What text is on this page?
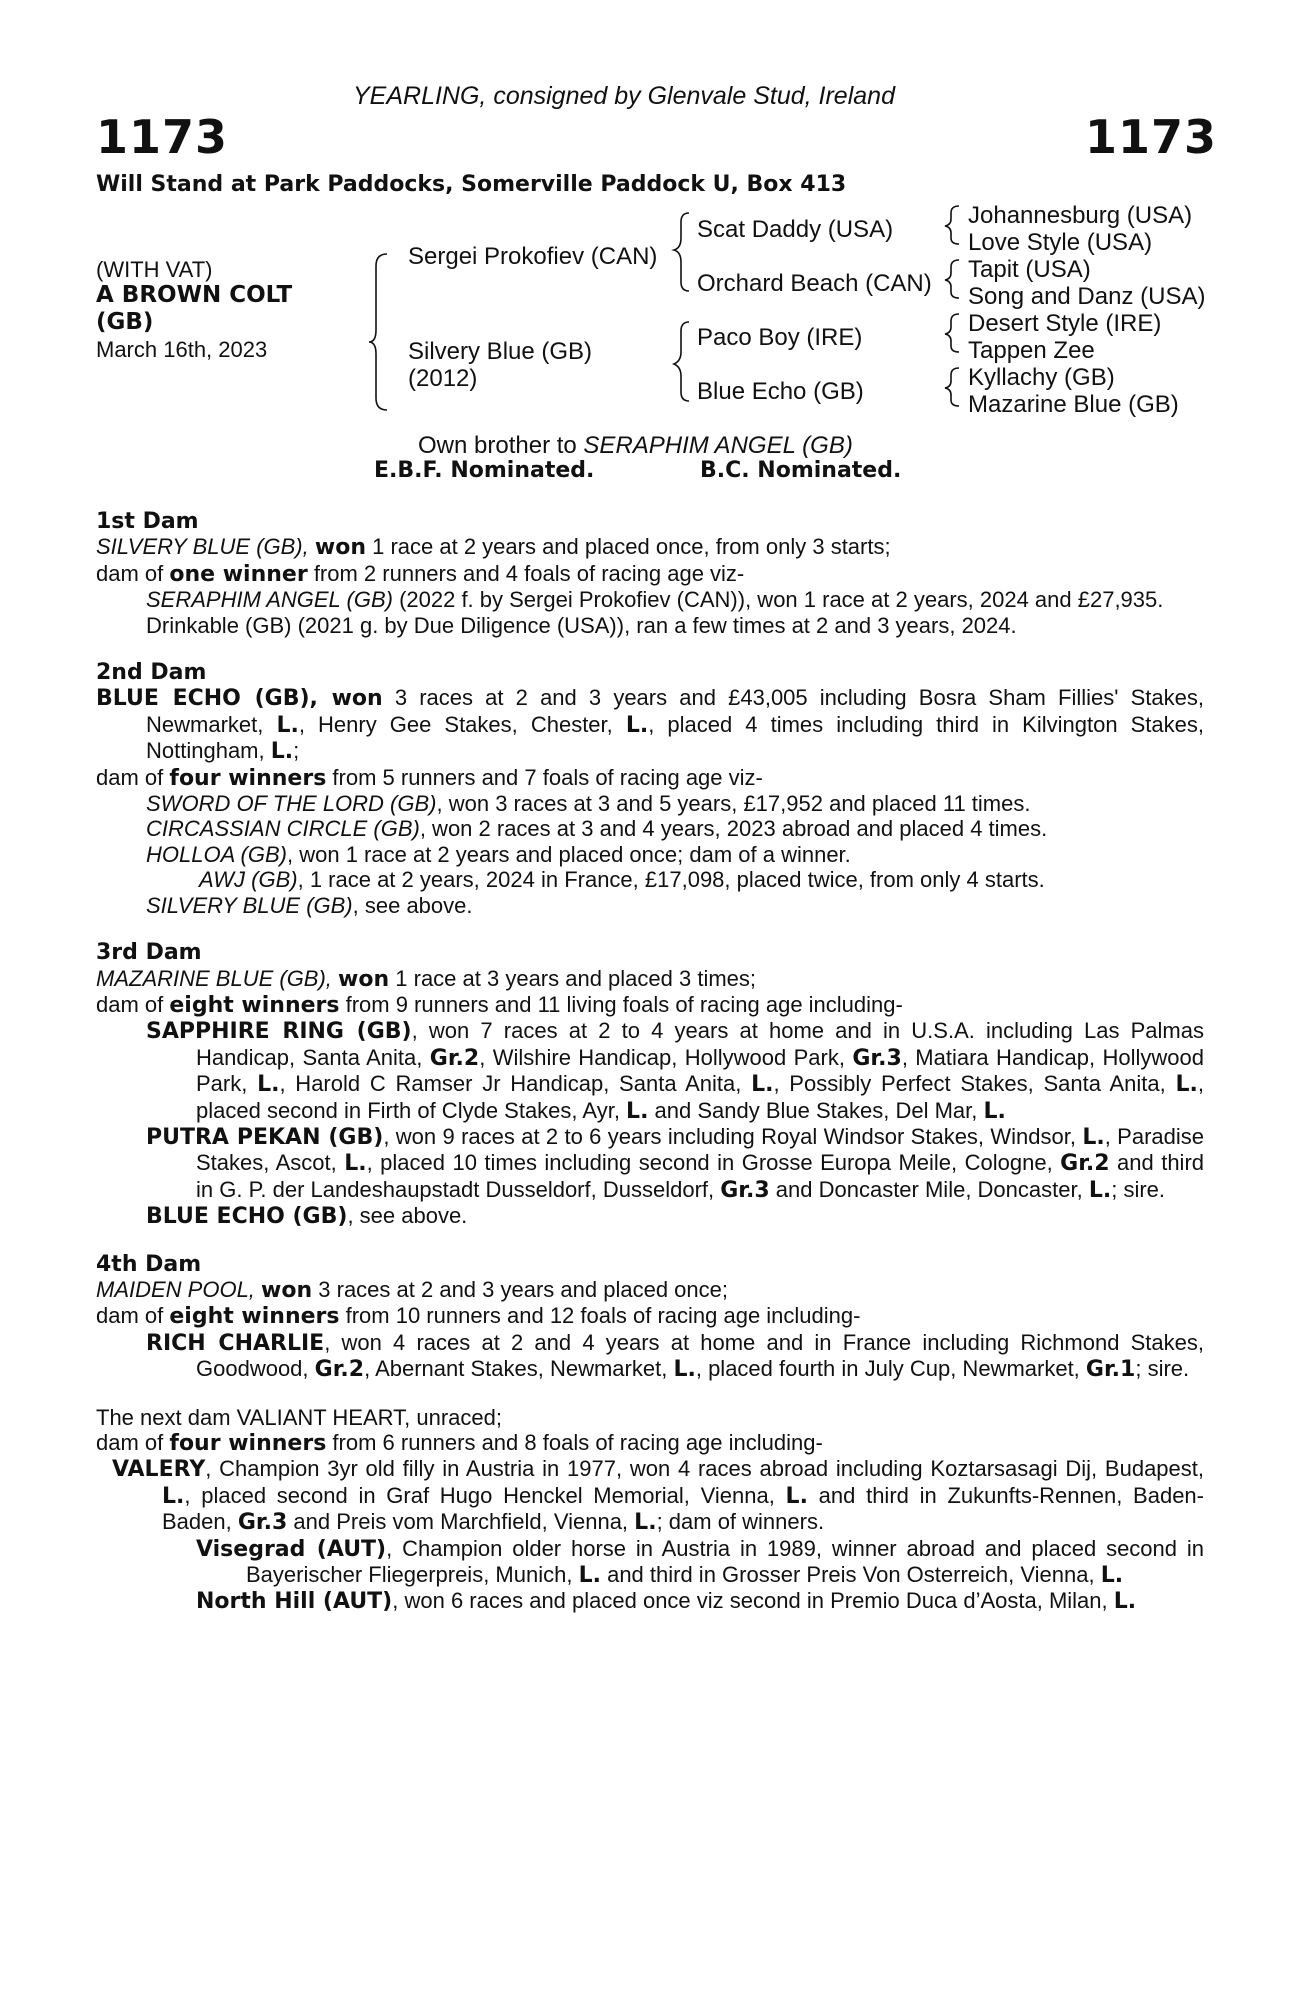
YEARLING, consigned by Glenvale Stud, Ireland
1173	1173
Will Stand at Park Paddocks, Somerville Paddock U, Box 413
(WITH VAT)
A BROWN COLT
(GB)
March 16th, 2023
Sergei Prokofiev (CAN)
Silvery Blue (GB)
(2012)
Scat Daddy (USA)
Orchard Beach (CAN)
Paco Boy (IRE)
Blue Echo (GB)
Johannesburg (USA)
Love Style (USA)
Tapit (USA)
Song and Danz (USA)
Desert Style (IRE)
Tappen Zee
Kyllachy (GB)
Mazarine Blue (GB)
Own brother to SERAPHIM ANGEL (GB)
E.B.F. Nominated.	B.C. Nominated.

1st Dam

SILVERY BLUE (GB), won 1 race at 2 years and placed once, from only 3 starts;

dam of one winner from 2 runners and 4 foals of racing age viz-

SERAPHIM ANGEL (GB) (2022 f. by Sergei Prokofiev (CAN)), won 1 race at 2 years, 2024 and £27,935.

Drinkable (GB) (2021 g. by Due Diligence (USA)), ran a few times at 2 and 3 years, 2024.

2nd Dam

BLUE ECHO (GB), won 3 races at 2 and 3 years and £43,005 including Bosra Sham Fillies' Stakes, Newmarket, L., Henry Gee Stakes, Chester, L., placed 4 times including third in Kilvington Stakes, Nottingham, L.;

dam of four winners from 5 runners and 7 foals of racing age viz-

SWORD OF THE LORD (GB), won 3 races at 3 and 5 years, £17,952 and placed 11 times.

CIRCASSIAN CIRCLE (GB), won 2 races at 3 and 4 years, 2023 abroad and placed 4 times.

HOLLOA (GB), won 1 race at 2 years and placed once; dam of a winner.

AWJ (GB), 1 race at 2 years, 2024 in France, £17,098, placed twice, from only 4 starts.

SILVERY BLUE (GB), see above.

3rd Dam

MAZARINE BLUE (GB), won 1 race at 3 years and placed 3 times;

dam of eight winners from 9 runners and 11 living foals of racing age including-

SAPPHIRE RING (GB), won 7 races at 2 to 4 years at home and in U.S.A. including Las Palmas Handicap, Santa Anita, Gr.2, Wilshire Handicap, Hollywood Park, Gr.3, Matiara Handicap, Hollywood Park, L., Harold C Ramser Jr Handicap, Santa Anita, L., Possibly Perfect Stakes, Santa Anita, L., placed second in Firth of Clyde Stakes, Ayr, L. and Sandy Blue Stakes, Del Mar, L.

PUTRA PEKAN (GB), won 9 races at 2 to 6 years including Royal Windsor Stakes, Windsor, L., Paradise Stakes, Ascot, L., placed 10 times including second in Grosse Europa Meile, Cologne, Gr.2 and third in G. P. der Landeshaupstadt Dusseldorf, Dusseldorf, Gr.3 and Doncaster Mile, Doncaster, L.; sire.

BLUE ECHO (GB), see above.

4th Dam

MAIDEN POOL, won 3 races at 2 and 3 years and placed once;

dam of eight winners from 10 runners and 12 foals of racing age including-

RICH CHARLIE, won 4 races at 2 and 4 years at home and in France including Richmond Stakes, Goodwood, Gr.2, Abernant Stakes, Newmarket, L., placed fourth in July Cup, Newmarket, Gr.1; sire.

The next dam VALIANT HEART, unraced;

dam of four winners from 6 runners and 8 foals of racing age including-

VALERY, Champion 3yr old filly in Austria in 1977, won 4 races abroad including Koztarsasagi Dij, Budapest, L., placed second in Graf Hugo Henckel Memorial, Vienna, L. and third in Zukunfts-Rennen, Baden-Baden, Gr.3 and Preis vom Marchfield, Vienna, L.; dam of winners.

Visegrad (AUT), Champion older horse in Austria in 1989, winner abroad and placed second in Bayerischer Fliegerpreis, Munich, L. and third in Grosser Preis Von Osterreich, Vienna, L.

North Hill (AUT), won 6 races and placed once viz second in Premio Duca d’Aosta, Milan, L.
